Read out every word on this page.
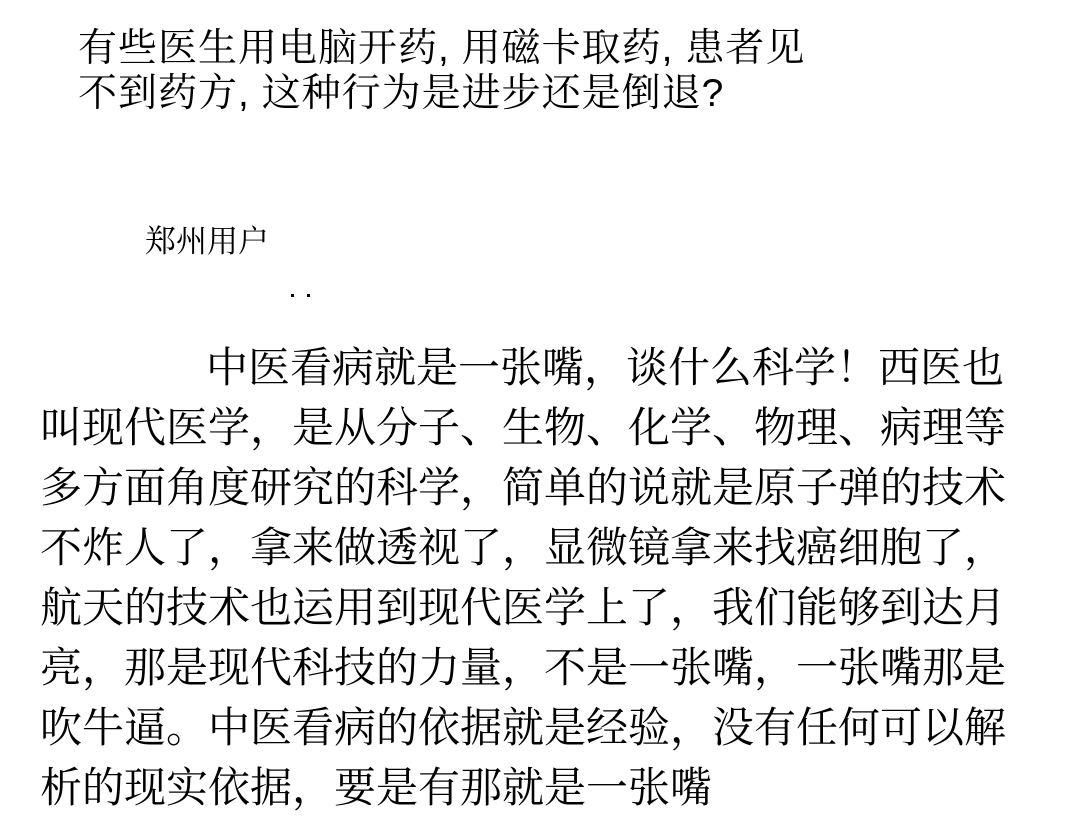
有些医生用电脑开药, 用磁卡取药, 患者见
不到药方, 这种行为是进步还是倒退?
郑州用户
中医看病就是一张嘴，谈什么科学！西医也
叫现代医学，是从分子、生物、化学、物理、病理等
多方面角度研究的科学，简单的说就是原子弹的技术
不炸人了，拿来做透视了，显微镜拿来找癌细胞了，
航天的技术也运用到现代医学上了，我们能够到达月
亮，那是现代科技的力量，不是一张嘴，一张嘴那是
吹牛逼。中医看病的依据就是经验，没有任何可以解
析的现实依据，要是有那就是一张嘴
